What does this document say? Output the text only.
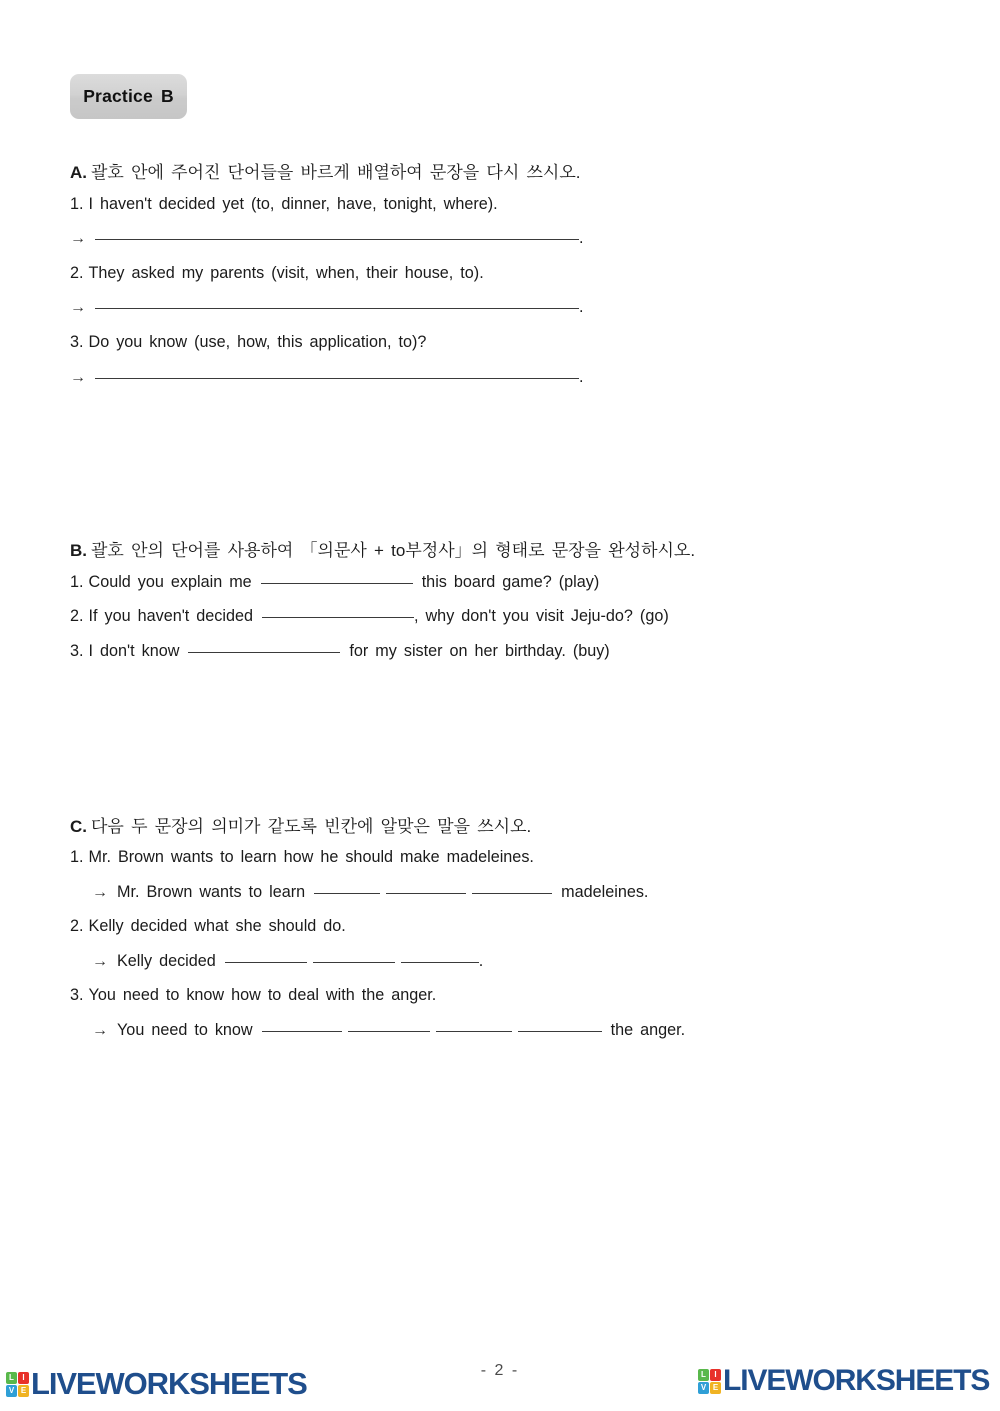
Practice B
A. 괄호 안에 주어진 단어들을 바르게 배열하여 문장을 다시 쓰시오.
1. I haven't decided yet (to, dinner, have, tonight, where).
→	.
2. They asked my parents (visit, when, their house, to).
→	.
3. Do you know (use, how, this application, to)?
→	.
B. 괄호 안의 단어를 사용하여 「의문사 + to부정사」의 형태로 문장을 완성하시오.
1. Could you explain me	this board game? (play)
2. If you haven't decided	, why don't you visit Jeju-do? (go)
3. I don't know	for my sister on her birthday. (buy)
C. 다음 두 문장의 의미가 같도록 빈칸에 알맞은 말을 쓰시오.
1. Mr. Brown wants to learn how he should make madeleines.
→ Mr. Brown wants to learn	madeleines.
2. Kelly decided what she should do.
→ Kelly decided	.
3. You need to know how to deal with the anger.
→ You need to know	the anger.
- 2 -
L	I
V E LIVEWORKSHEETS	L	I
V E LIVEWORKSHEETS
